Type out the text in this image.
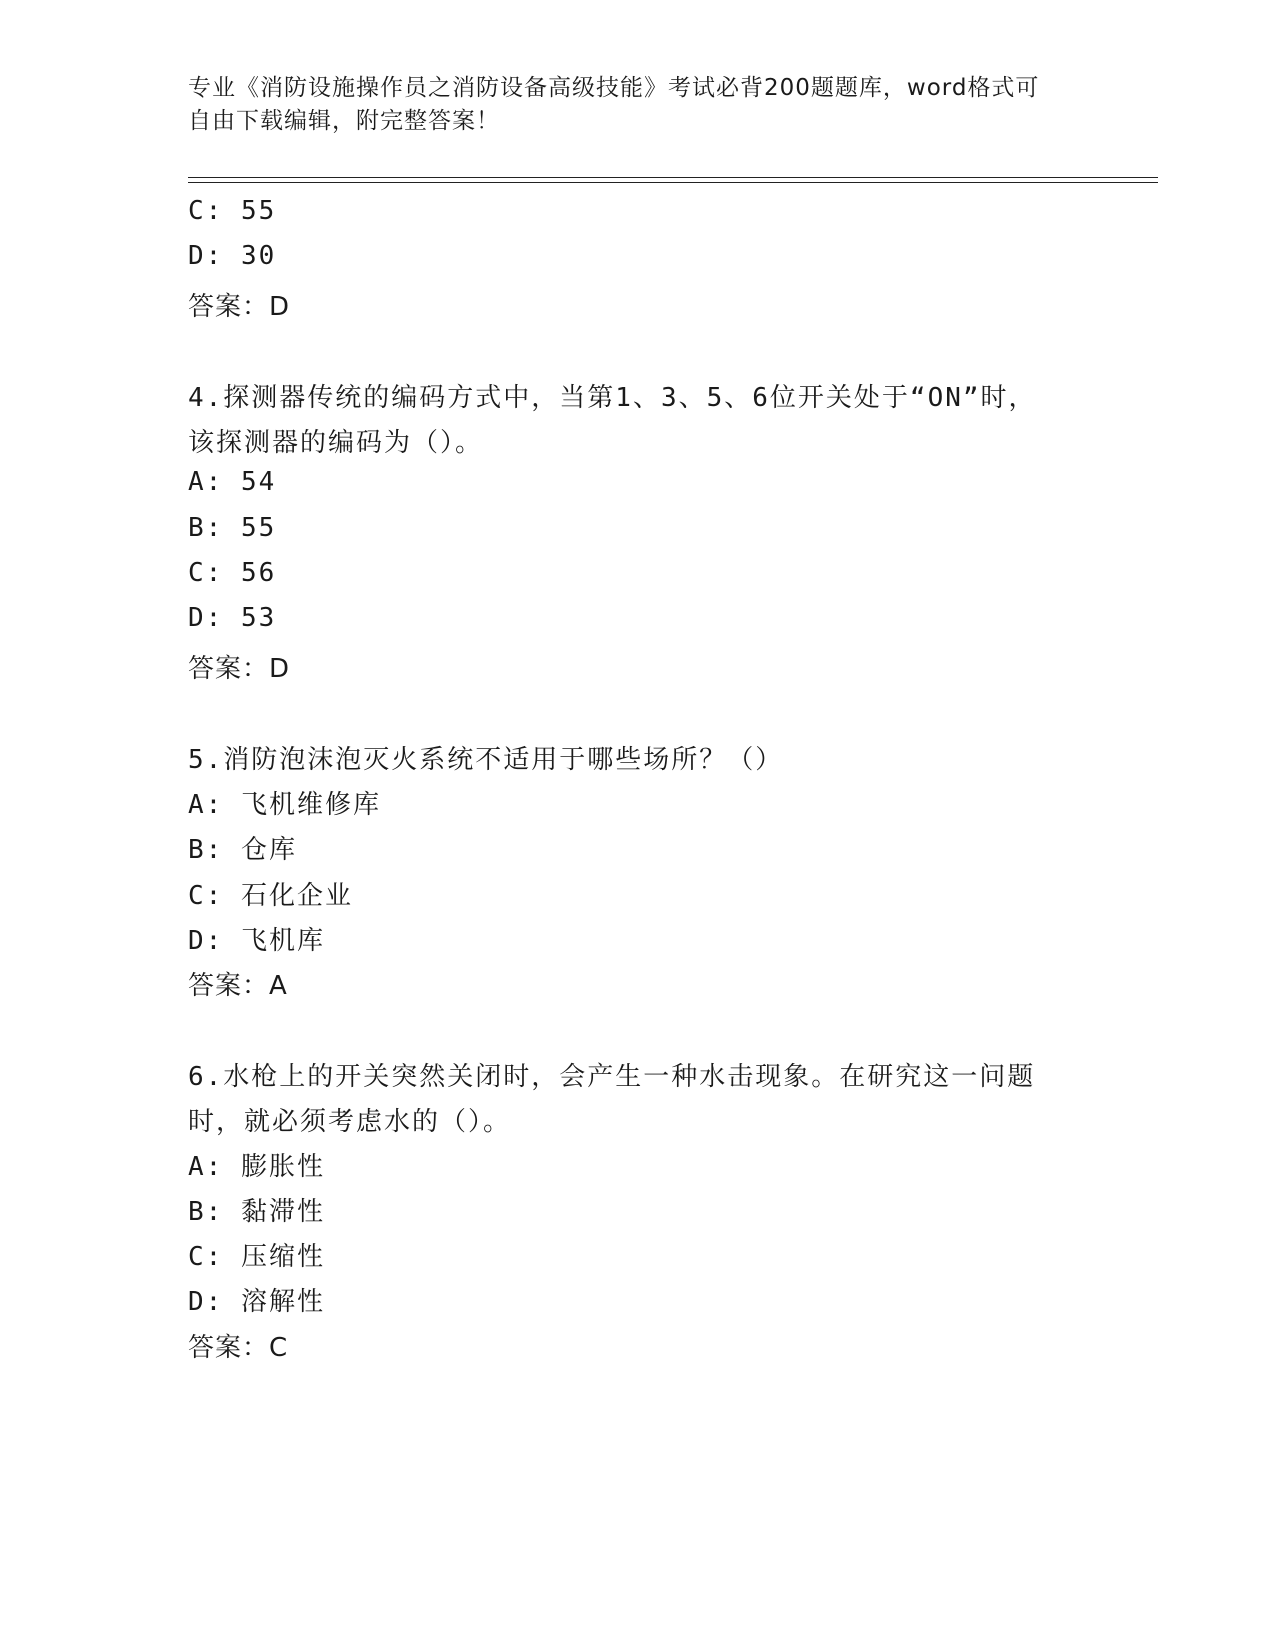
专业《消防设施操作员之消防设备高级技能》考试必背200题题库，word格式可
自由下载编辑，附完整答案！
C: 55
D: 30
答案：D
4.探测器传统的编码方式中，当第1、3、5、6位开关处于“ON”时，
该探测器的编码为（）。
A: 54
B: 55
C: 56
D: 53
答案：D
5.消防泡沫泡灭火系统不适用于哪些场所？（）
A: 飞机维修库
B: 仓库
C: 石化企业
D: 飞机库
答案：A
6.水枪上的开关突然关闭时，会产生一种水击现象。在研究这一问题
时，就必须考虑水的（）。
A: 膨胀性
B: 黏滞性
C: 压缩性
D: 溶解性
答案：C
